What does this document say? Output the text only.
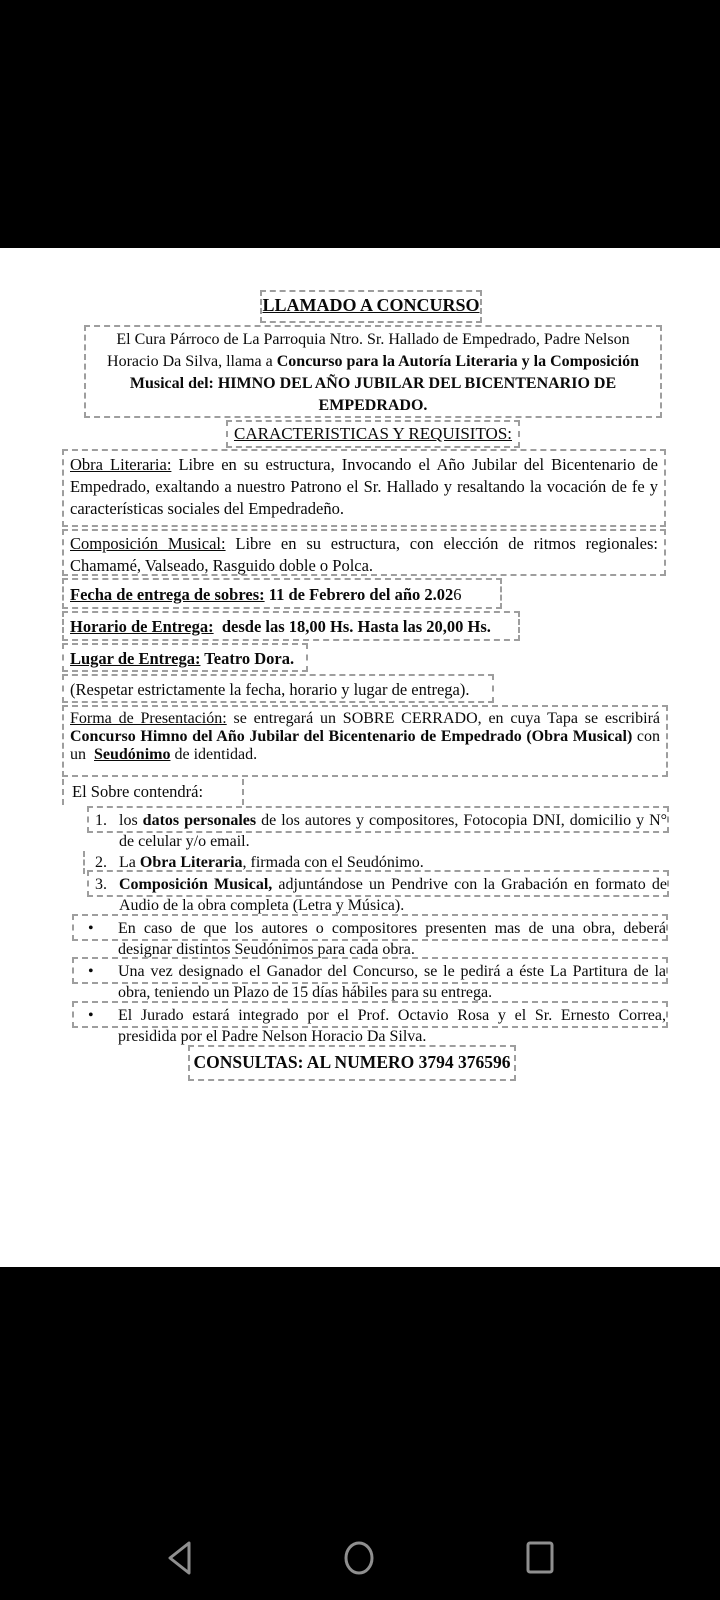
LLAMADO A CONCURSO
El Cura Párroco de La Parroquia Ntro. Sr. Hallado de Empedrado, Padre Nelson Horacio Da Silva, llama a Concurso para la Autoría Literaria y la Composición Musical del: HIMNO DEL AÑO JUBILAR DEL BICENTENARIO DE EMPEDRADO.
CARACTERISTICAS Y REQUISITOS:
Obra Literaria: Libre en su estructura, Invocando el Año Jubilar del Bicentenario de Empedrado, exaltando a nuestro Patrono el Sr. Hallado y resaltando la vocación de fe y características sociales del Empedradeño.
Composición Musical: Libre en su estructura, con elección de ritmos regionales: Chamamé, Valseado, Rasguido doble o Polca.
Fecha de entrega de sobres: 11 de Febrero del año 2.026
Horario de Entrega:  desde las 18,00 Hs. Hasta las 20,00 Hs.
Lugar de Entrega: Teatro Dora.
(Respetar estrictamente la fecha, horario y lugar de entrega).
Forma de Presentación: se entregará un SOBRE CERRADO, en cuya Tapa se escribirá Concurso Himno del Año Jubilar del Bicentenario de Empedrado (Obra Musical) con un  Seudónimo de identidad.
El Sobre contendrá:
1. los datos personales de los autores y compositores, Fotocopia DNI, domicilio y N° de celular y/o email.
2. La Obra Literaria, firmada con el Seudónimo.
3. Composición Musical, adjuntándose un Pendrive con la Grabación en formato de Audio de la obra completa (Letra y Música).
• En caso de que los autores o compositores presenten mas de una obra, deberá designar distintos Seudónimos para cada obra.
• Una vez designado el Ganador del Concurso, se le pedirá a éste La Partitura de la obra, teniendo un Plazo de 15 días hábiles para su entrega.
• El Jurado estará integrado por el Prof. Octavio Rosa y el Sr. Ernesto Correa, presidida por el Padre Nelson Horacio Da Silva.
CONSULTAS: AL NUMERO 3794 376596
